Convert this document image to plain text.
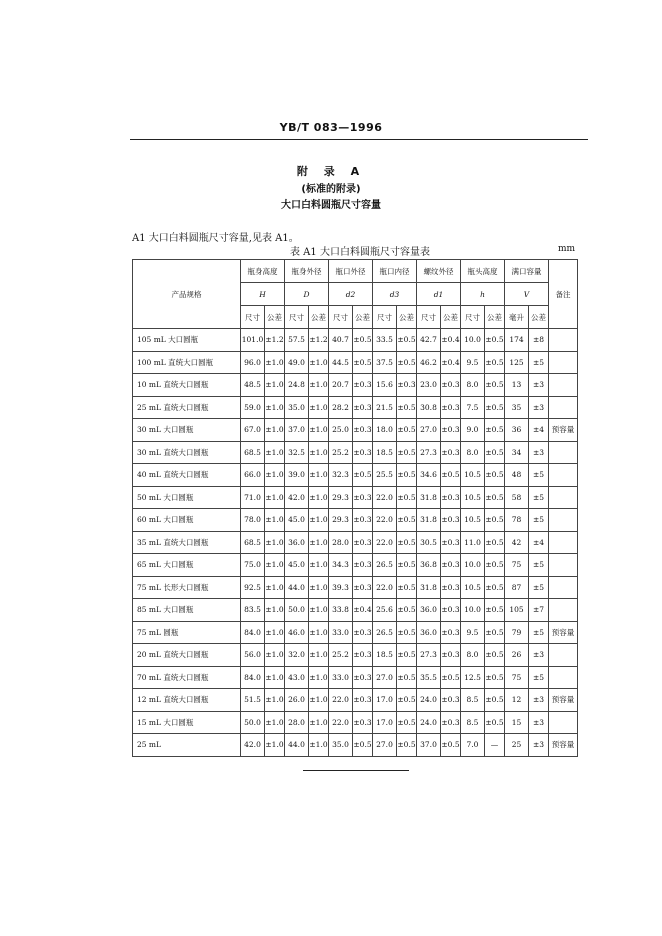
YB/T 083—1996
附 录 A
(标准的附录)
大口白料圆瓶尺寸容量
A1 大口白料圆瓶尺寸容量,见表 A1。
表 A1 大口白料圆瓶尺寸容量表	mm
产品规格	瓶身高度		瓶身外径		瓶口外径		瓶口内径		螺纹外径		瓶头高度		满口容量		备注
	H		D		d2		d3		d1		h		V		
	尺寸	公差	尺寸	公差	尺寸	公差	尺寸	公差	尺寸	公差	尺寸	公差	毫升	公差	
105 mL 大口圆瓶	101.0	±1.2	57.5	±1.2	40.7	±0.5	33.5	±0.5	42.7	±0.4	10.0	±0.5	174	±8	
100 mL 直统大口圆瓶	96.0	±1.0	49.0	±1.0	44.5	±0.5	37.5	±0.5	46.2	±0.4	9.5	±0.5	125	±5	
10 mL 直统大口圆瓶	48.5	±1.0	24.8	±1.0	20.7	±0.3	15.6	±0.3	23.0	±0.3	8.0	±0.5	13	±3	
25 mL 直统大口圆瓶	59.0	±1.0	35.0	±1.0	28.2	±0.3	21.5	±0.5	30.8	±0.3	7.5	±0.5	35	±3	
30 mL 大口圆瓶	67.0	±1.0	37.0	±1.0	25.0	±0.3	18.0	±0.5	27.0	±0.3	9.0	±0.5	36	±4	预容量
30 mL 直统大口圆瓶	68.5	±1.0	32.5	±1.0	25.2	±0.3	18.5	±0.5	27.3	±0.3	8.0	±0.5	34	±3	
40 mL 直统大口圆瓶	66.0	±1.0	39.0	±1.0	32.3	±0.5	25.5	±0.5	34.6	±0.5	10.5	±0.5	48	±5	
50 mL 大口圆瓶	71.0	±1.0	42.0	±1.0	29.3	±0.3	22.0	±0.5	31.8	±0.3	10.5	±0.5	58	±5	
60 mL 大口圆瓶	78.0	±1.0	45.0	±1.0	29.3	±0.3	22.0	±0.5	31.8	±0.3	10.5	±0.5	78	±5	
35 mL 直统大口圆瓶	68.5	±1.0	36.0	±1.0	28.0	±0.3	22.0	±0.5	30.5	±0.3	11.0	±0.5	42	±4	
65 mL 大口圆瓶	75.0	±1.0	45.0	±1.0	34.3	±0.3	26.5	±0.5	36.8	±0.3	10.0	±0.5	75	±5	
75 mL 长形大口圆瓶	92.5	±1.0	44.0	±1.0	39.3	±0.3	22.0	±0.5	31.8	±0.3	10.5	±0.5	87	±5	
85 mL 大口圆瓶	83.5	±1.0	50.0	±1.0	33.8	±0.4	25.6	±0.5	36.0	±0.3	10.0	±0.5	105	±7	
75 mL 圆瓶	84.0	±1.0	46.0	±1.0	33.0	±0.3	26.5	±0.5	36.0	±0.3	9.5	±0.5	79	±5	预容量
20 mL 直统大口圆瓶	56.0	±1.0	32.0	±1.0	25.2	±0.3	18.5	±0.5	27.3	±0.3	8.0	±0.5	26	±3	
70 mL 直统大口圆瓶	84.0	±1.0	43.0	±1.0	33.0	±0.3	27.0	±0.5	35.5	±0.5	12.5	±0.5	75	±5	
12 mL 直统大口圆瓶	51.5	±1.0	26.0	±1.0	22.0	±0.3	17.0	±0.5	24.0	±0.3	8.5	±0.5	12	±3	预容量
15 mL 大口圆瓶	50.0	±1.0	28.0	±1.0	22.0	±0.3	17.0	±0.5	24.0	±0.3	8.5	±0.5	15	±3	
25 mL	42.0	±1.0	44.0	±1.0	35.0	±0.5	27.0	±0.5	37.0	±0.5	7.0	—	25	±3	预容量
